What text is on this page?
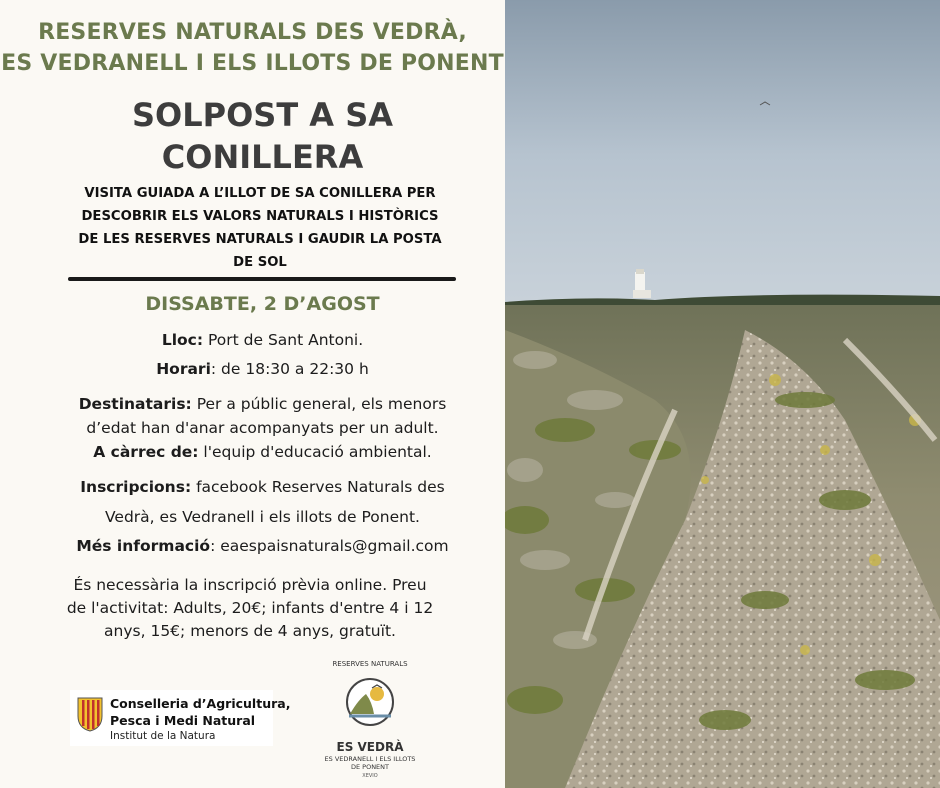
RESERVES NATURALS DES VEDRÀ,
ES VEDRANELL I ELS ILLOTS DE PONENT
SOLPOST A SA
CONILLERA
VISITA GUIADA A L’ILLOT DE SA CONILLERA PER
DESCOBRIR ELS VALORS NATURALS I HISTÒRICS
DE LES RESERVES NATURALS I GAUDIR LA POSTA
DE SOL
DISSABTE, 2 D’AGOST
Lloc: Port de Sant Antoni.
Horari: de 18:30 a 22:30 h
Destinataris: Per a públic general, els menors
d’edat han d'anar acompanyats per un adult.
A càrrec de: l'equip d'educació ambiental.
Inscripcions: facebook Reserves Naturals des
Vedrà, es Vedranell i els illots de Ponent.
Més informació: eaespaisnaturals@gmail.com
És necessària la inscripció prèvia online. Preu
de l'activitat: Adults, 20€; infants d'entre 4 i 12
anys, 15€; menors de 4 anys, gratuït.
Conselleria d’Agricultura,
Pesca i Medi Natural
Institut de la Natura
RESERVES NATURALS
ES VEDRÀ
ES VEDRANELL I ELS ILLOTS
DE PONENT
XEVIO
